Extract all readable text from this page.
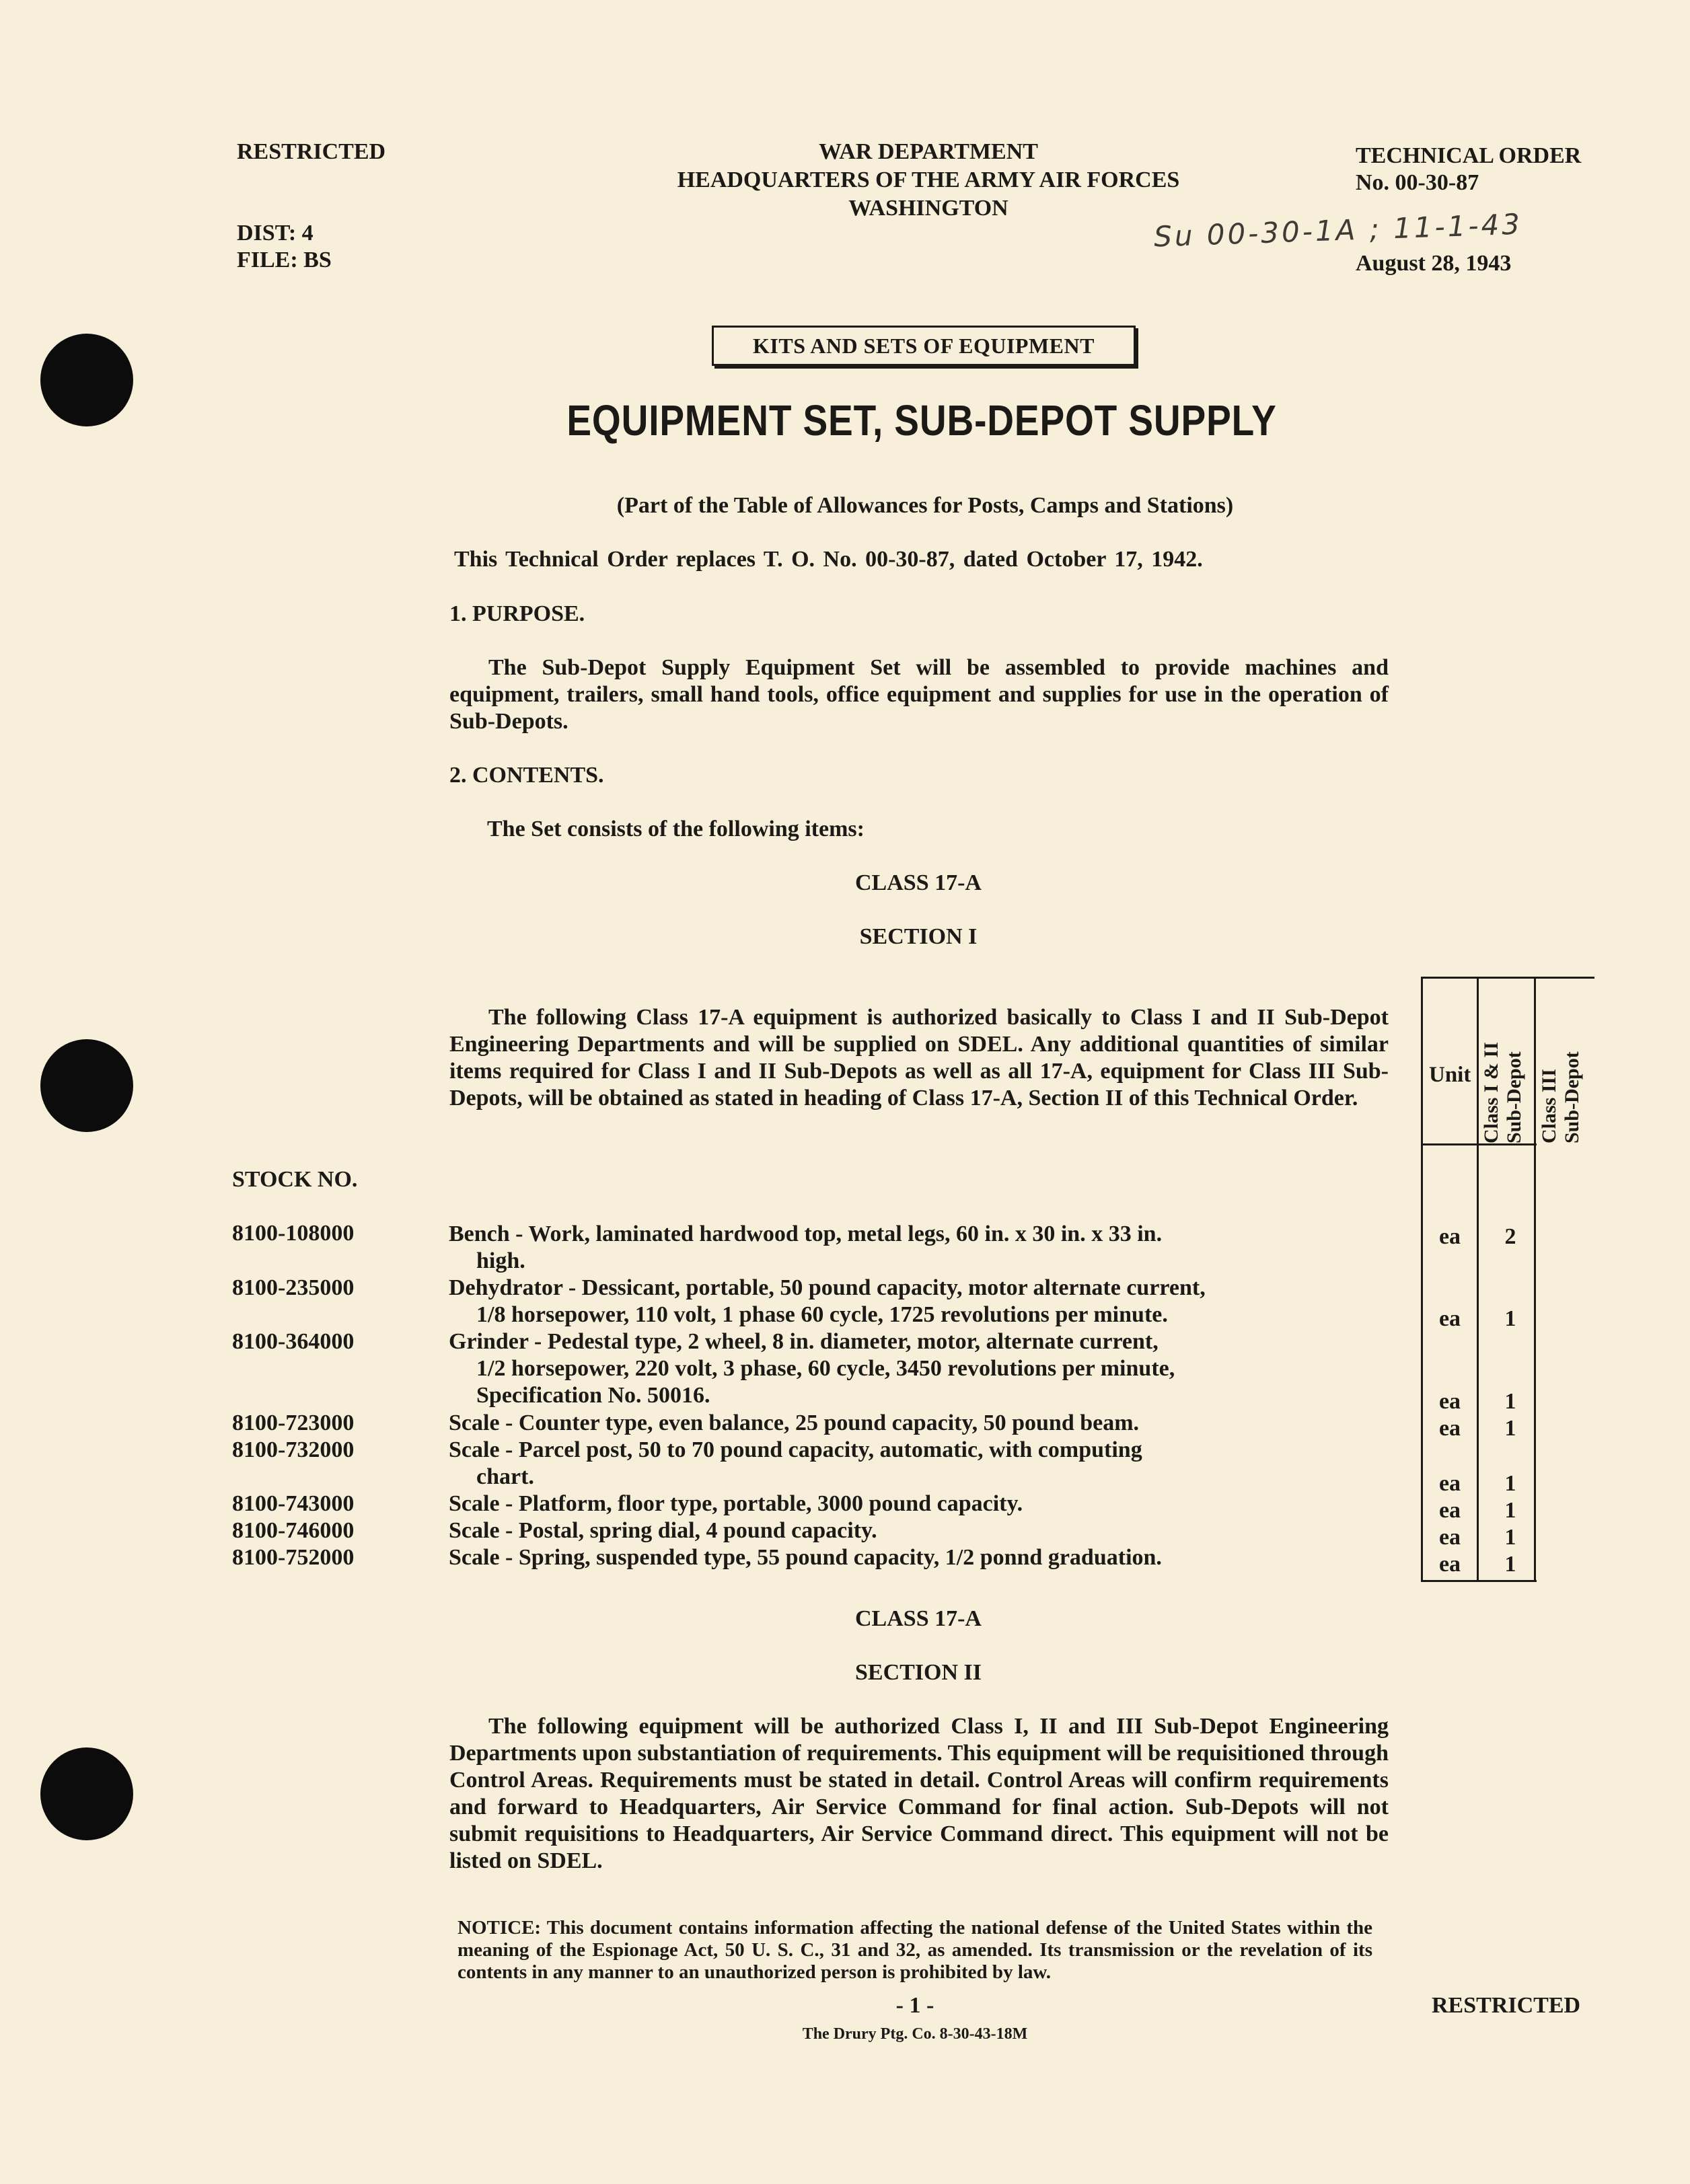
RESTRICTED
DIST: 4
FILE: BS
WAR DEPARTMENT
HEADQUARTERS OF THE ARMY AIR FORCES
WASHINGTON
TECHNICAL ORDER
No. 00-30-87
Su 00-30-1A ; 11-1-43
August 28, 1943
KITS AND SETS OF EQUIPMENT
EQUIPMENT SET, SUB-DEPOT SUPPLY
(Part of the Table of Allowances for Posts, Camps and Stations)
This Technical Order replaces T. O. No. 00-30-87, dated October 17, 1942.
1. PURPOSE.
The Sub-Depot Supply Equipment Set will be assembled to provide machines and equipment, trailers, small hand tools, office equipment and supplies for use in the operation of Sub-Depots.
2. CONTENTS.
The Set consists of the following items:
CLASS 17-A
SECTION I
The following Class 17-A equipment is authorized basically to Class I and II Sub-Depot Engineering Departments and will be supplied on SDEL. Any additional quantities of similar items required for Class I and II Sub-Depots as well as all 17-A, equipment for Class III Sub-Depots, will be obtained as stated in heading of Class 17-A, Section II of this Technical Order.
Unit Class I & II Sub-Depot Class III Sub-Depot
STOCK NO.
8100-108000	Bench - Work, laminated hardwood top, metal legs, 60 in. x 30 in. x 33 in.
high.
ea	2
8100-235000	Dehydrator - Dessicant, portable, 50 pound capacity, motor alternate current,
1/8 horsepower, 110 volt, 1 phase 60 cycle, 1725 revolutions per minute.	ea	1
8100-364000	Grinder - Pedestal type, 2 wheel, 8 in. diameter, motor, alternate current,
1/2 horsepower, 220 volt, 3 phase, 60 cycle, 3450 revolutions per minute,
Specification No. 50016.	ea	1
8100-723000	Scale - Counter type, even balance, 25 pound capacity, 50 pound beam.	ea	1
8100-732000	Scale - Parcel post, 50 to 70 pound capacity, automatic, with computing
chart.	ea	1
8100-743000	Scale - Platform, floor type, portable, 3000 pound capacity.	ea	1
8100-746000	Scale - Postal, spring dial, 4 pound capacity.	ea	1
8100-752000	Scale - Spring, suspended type, 55 pound capacity, 1/2 ponnd graduation.	ea	1
CLASS 17-A
SECTION II
The following equipment will be authorized Class I, II and III Sub-Depot Engineering Departments upon substantiation of requirements. This equipment will be requisitioned through Control Areas. Requirements must be stated in detail. Control Areas will confirm requirements and forward to Headquarters, Air Service Command for final action. Sub-Depots will not submit requisitions to Headquarters, Air Service Command direct. This equipment will not be listed on SDEL.
NOTICE: This document contains information affecting the national defense of the United States within the meaning of the Espionage Act, 50 U. S. C., 31 and 32, as amended. Its transmission or the revelation of its contents in any manner to an unauthorized person is prohibited by law.
- 1 -
The Drury Ptg. Co. 8-30-43-18M
RESTRICTED
